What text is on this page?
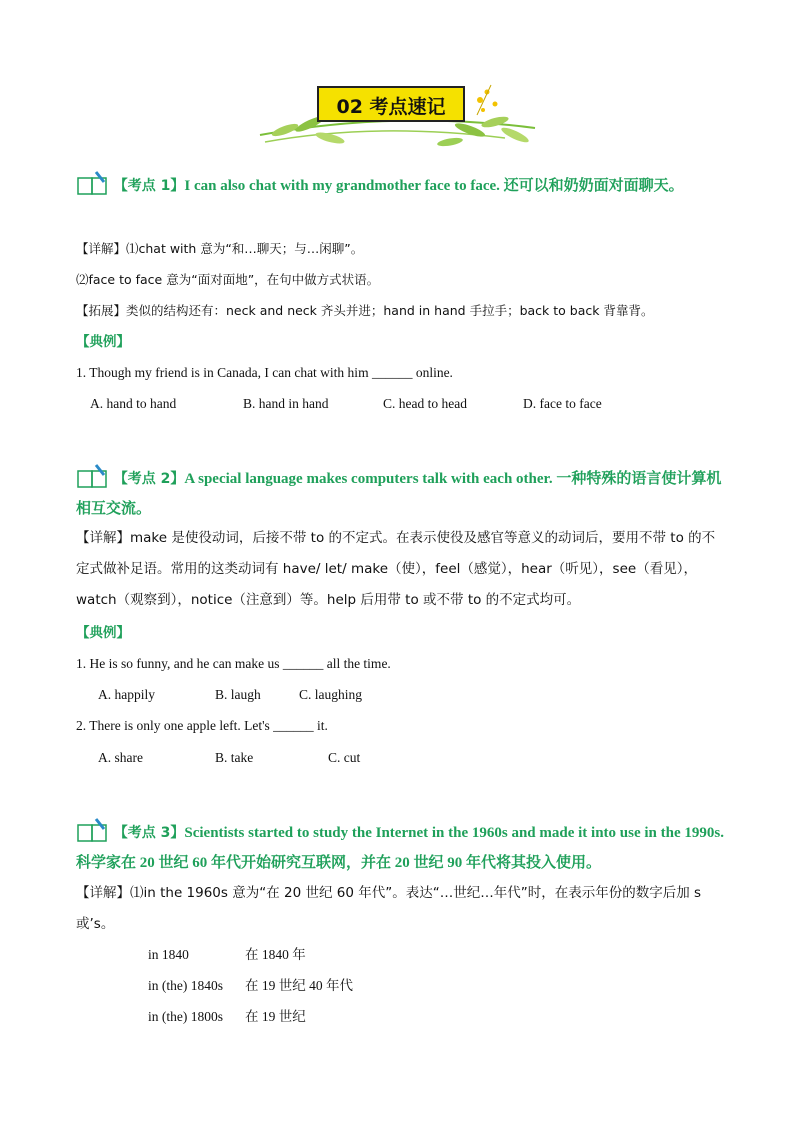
02 考点速记
【考点 1】I can also chat with my grandmother face to face. 还可以和奶奶面对面聊天。
【详解】⑴chat with 意为“和…聊天；与…闲聊”。
⑵face to face 意为“面对面地”，在句中做方式状语。
【拓展】类似的结构还有：neck and neck 齐头并进；hand in hand 手拉手；back to back 背靠背。
【典例】
1. Though my friend is in Canada, I can chat with him ______ online.
A. hand to hand	B. hand in hand	C. head to head	D. face to face
【考点 2】A special language makes computers talk with each other. 一种特殊的语言使计算机相互交流。
【详解】make 是使役动词，后接不带 to 的不定式。在表示使役及感官等意义的动词后，要用不带 to 的不定式做补足语。常用的这类动词有 have/ let/ make（使），feel（感觉），hear（听见），see（看见），watch（观察到），notice（注意到）等。help 后用带 to 或不带 to 的不定式均可。
【典例】
1. He is so funny, and he can make us ______ all the time.
A. happily	B. laugh	C. laughing
2. There is only one apple left. Let's ______ it.
A. share	B. take	C. cut
【考点 3】Scientists started to study the Internet in the 1960s and made it into use in the 1990s. 科学家在 20 世纪 60 年代开始研究互联网，并在 20 世纪 90 年代将其投入使用。
【详解】⑴in the 1960s 意为“在 20 世纪 60 年代”。表达“…世纪…年代”时，在表示年份的数字后加 s 或’s。
in 1840	在 1840 年
in (the) 1840s 在 19 世纪 40 年代
in (the) 1800s 在 19 世纪
